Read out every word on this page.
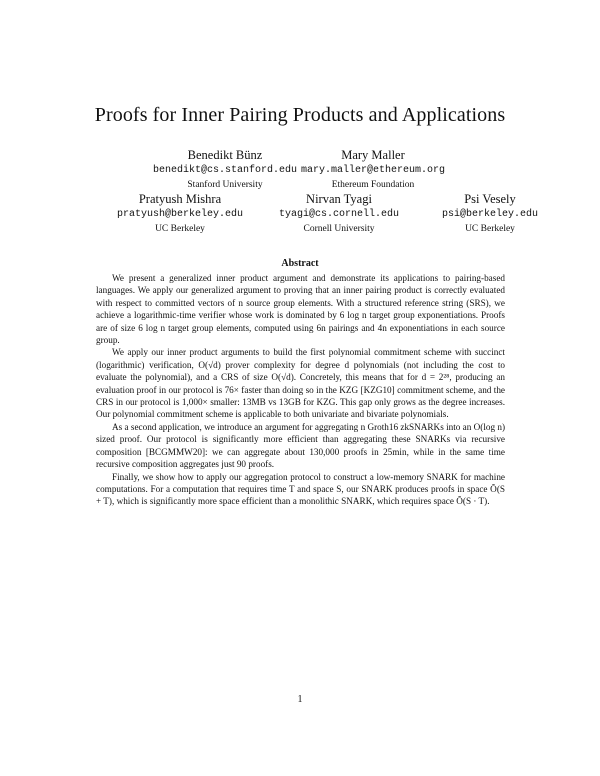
Proofs for Inner Pairing Products and Applications
Benedikt Bünz
benedikt@cs.stanford.edu
Stanford University
Mary Maller
mary.maller@ethereum.org
Ethereum Foundation
Pratyush Mishra
pratyush@berkeley.edu
UC Berkeley
Nirvan Tyagi
tyagi@cs.cornell.edu
Cornell University
Psi Vesely
psi@berkeley.edu
UC Berkeley
Abstract

We present a generalized inner product argument and demonstrate its applications to pairing-based languages. We apply our generalized argument to proving that an inner pairing product is correctly evaluated with respect to committed vectors of n source group elements. With a structured reference string (SRS), we achieve a logarithmic-time verifier whose work is dominated by 6 log n target group exponentiations. Proofs are of size 6 log n target group elements, computed using 6n pairings and 4n exponentiations in each source group.

We apply our inner product arguments to build the first polynomial commitment scheme with succinct (logarithmic) verification, O(√d) prover complexity for degree d polynomials (not including the cost to evaluate the polynomial), and a CRS of size O(√d). Concretely, this means that for d = 2²⁸, producing an evaluation proof in our protocol is 76× faster than doing so in the KZG [KZG10] commitment scheme, and the CRS in our protocol is 1,000× smaller: 13MB vs 13GB for KZG. This gap only grows as the degree increases. Our polynomial commitment scheme is applicable to both univariate and bivariate polynomials.

As a second application, we introduce an argument for aggregating n Groth16 zkSNARKs into an O(log n) sized proof. Our protocol is significantly more efficient than aggregating these SNARKs via recursive composition [BCGMMW20]: we can aggregate about 130,000 proofs in 25min, while in the same time recursive composition aggregates just 90 proofs.

Finally, we show how to apply our aggregation protocol to construct a low-memory SNARK for machine computations. For a computation that requires time T and space S, our SNARK produces proofs in space Õ(S + T), which is significantly more space efficient than a monolithic SNARK, which requires space Õ(S · T).

1
